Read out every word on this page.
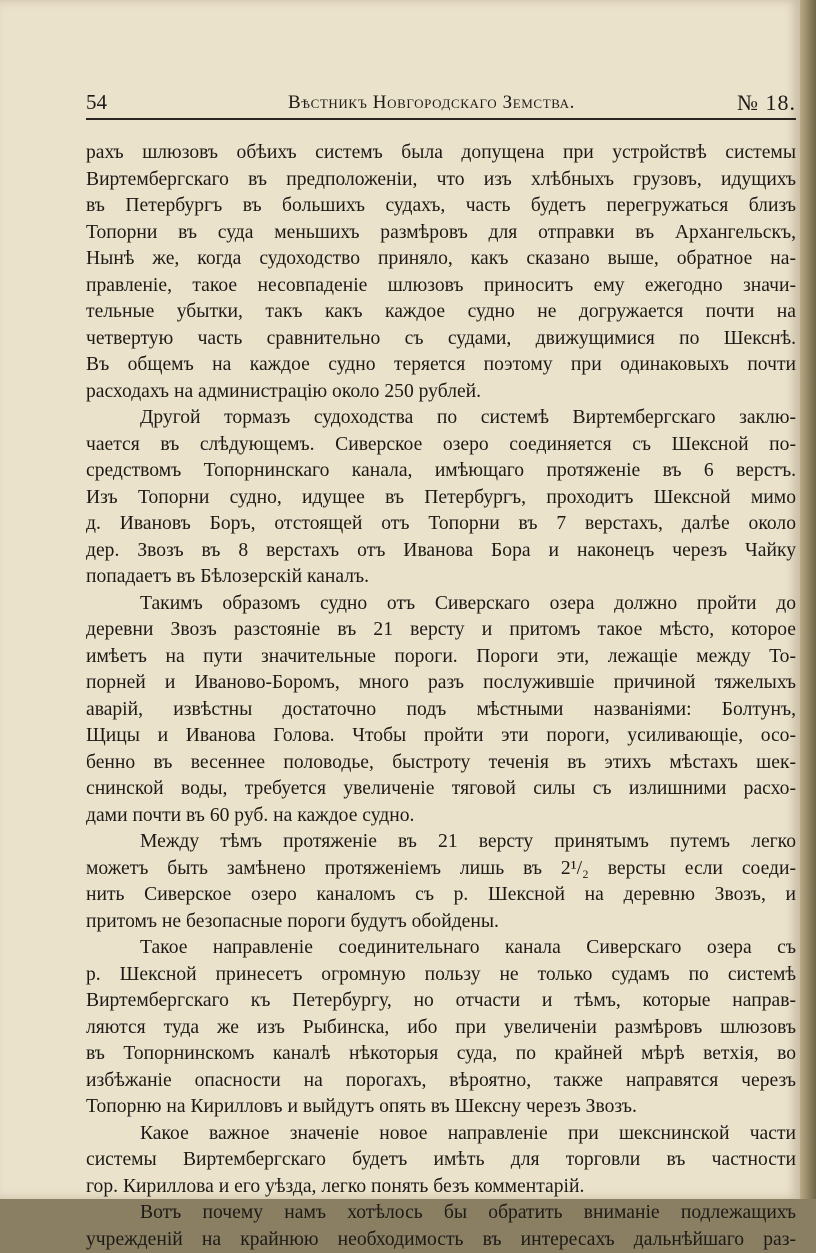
54	Вѣстникъ Новгородскаго Земства.	№ 18.
рахъ шлюзовъ обѣихъ системъ была допущена при устройствѣ системы
Виртембергскаго въ предположеніи, что изъ хлѣбныхъ грузовъ, идущихъ
въ Петербургъ въ большихъ судахъ, часть будетъ перегружаться близъ
Топорни въ суда меньшихъ размѣровъ для отправки въ Архангельскъ,
Нынѣ же, когда судоходство приняло, какъ сказано выше, обратное на-
правленіе, такое несовпаденіе шлюзовъ приноситъ ему ежегодно значи-
тельные убытки, такъ какъ каждое судно не догружается почти на
четвертую часть сравнительно съ судами, движущимися по Шекснѣ.
Въ общемъ на каждое судно теряется поэтому при одинаковыхъ почти
расходахъ на администрацію около 250 рублей.
Другой тормазъ судоходства по системѣ Виртембергскаго заклю-
чается въ слѣдующемъ. Сиверское озеро соединяется съ Шексной по-
средствомъ Топорнинскаго канала, имѣющаго протяженіе въ 6 верстъ.
Изъ Топорни судно, идущее въ Петербургъ, проходитъ Шексной мимо
д. Ивановъ Боръ, отстоящей отъ Топорни въ 7 верстахъ, далѣе около
дер. Звозъ въ 8 верстахъ отъ Иванова Бора и наконецъ черезъ Чайку
попадаетъ въ Бѣлозерскій каналъ.
Такимъ образомъ судно отъ Сиверскаго озера должно пройти до
деревни Звозъ разстояніе въ 21 версту и притомъ такое мѣсто, которое
имѣетъ на пути значительные пороги. Пороги эти, лежащіе между То-
порней и Иваново-Боромъ, много разъ послужившіе причиной тяжелыхъ
аварій, извѣстны достаточно подъ мѣстными названіями: Болтунъ,
Щицы и Иванова Голова. Чтобы пройти эти пороги, усиливающіе, осо-
бенно въ весеннее половодье, быстроту теченія въ этихъ мѣстахъ шек-
снинской воды, требуется увеличеніе тяговой силы съ излишними расхо-
дами почти въ 60 руб. на каждое судно.
Между тѣмъ протяженіе въ 21 версту принятымъ путемъ легко
можетъ быть замѣнено протяженіемъ лишь въ 2¹/₂ версты если соеди-
нить Сиверское озеро каналомъ съ р. Шексной на деревню Звозъ, и
притомъ не безопасные пороги будутъ обойдены.
Такое направленіе соединительнаго канала Сиверскаго озера съ
р. Шексной принесетъ огромную пользу не только судамъ по системѣ
Виртембергскаго къ Петербургу, но отчасти и тѣмъ, которые направ-
ляются туда же изъ Рыбинска, ибо при увеличеніи размѣровъ шлюзовъ
въ Топорнинскомъ каналѣ нѣкоторыя суда, по крайней мѣрѣ ветхія, во
избѣжаніе опасности на порогахъ, вѣроятно, также направятся черезъ
Топорню на Кирилловъ и выйдутъ опять въ Шексну черезъ Звозъ.
Какое важное значеніе новое направленіе при шекснинской части
системы Виртембергскаго будетъ имѣть для торговли въ частности
гор. Кириллова и его уѣзда, легко понять безъ комментарій.
Вотъ почему намъ хотѣлось бы обратить вниманіе подлежащихъ
учрежденій на крайнюю необходимость въ интересахъ дальнѣйшаго раз-
